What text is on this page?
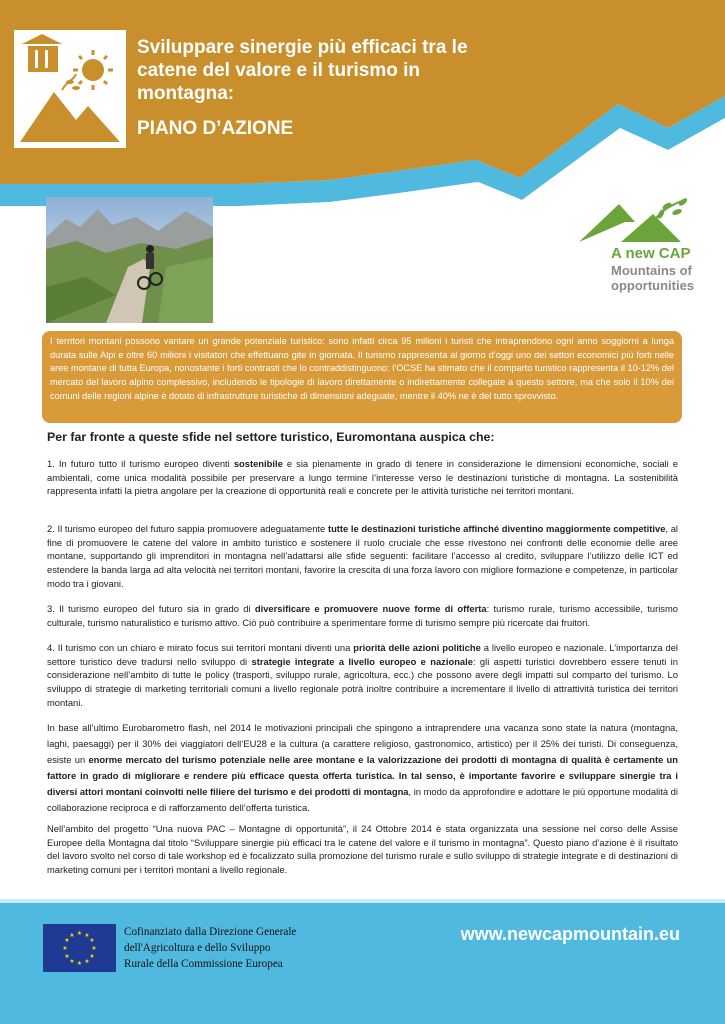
Sviluppare sinergie più efficaci tra le
catene del valore e il turismo in
montagna:
PIANO D’AZIONE
A new CAP
Mountains of
opportunities
I territori montani possono vantare un grande potenziale turistico: sono infatti circa 95 milioni i turisti che intraprendono ogni anno soggiorni a lunga durata sulle Alpi e oltre 60 milioni i visitatori che effettuano gite in giornata. Il turismo rappresenta al giorno d’oggi uno dei settori economici più forti nelle aree montane di tutta Europa, nonostante i forti contrasti che lo contraddistinguono: l’OCSE ha stimato che il comparto turistico rappresenta il 10-12% del mercato del lavoro alpino complessivo, includendo le tipologie di lavoro direttamente o indirettamente collegate a questo settore, ma che solo il 10% dei comuni delle regioni alpine è dotato di infrastrutture turistiche di dimensioni adeguate, mentre il 40% ne è del tutto sprovvisto.
Per far fronte a queste sfide nel settore turistico, Euromontana auspica che:
1. In futuro tutto il turismo europeo diventi sostenibile e sia pienamente in grado di tenere in considerazione le dimensioni economiche, sociali e ambientali, come unica modalità possibile per preservare a lungo termine l’interesse verso le destinazioni turistiche di montagna. La sostenibilità rappresenta infatti la pietra angolare per la creazione di opportunità reali e concrete per le attività turistiche nei territori montani.
2. Il turismo europeo del futuro sappia promuovere adeguatamente tutte le destinazioni turistiche affinché diventino maggiormente competitive, al fine di promuovere le catene del valore in ambito turistico e sostenere il ruolo cruciale che esse rivestono nei confronti delle economie delle aree montane, supportando gli imprenditori in montagna nell’adattarsi alle sfide seguenti: facilitare l’accesso al credito, sviluppare l’utilizzo delle ICT ed estendere la banda larga ad alta velocità nei territori montani, favorire la crescita di una forza lavoro con migliore formazione e competenze, in particolar modo tra i giovani.
3. Il turismo europeo del futuro sia in grado di diversificare e promuovere nuove forme di offerta: turismo rurale, turismo accessibile, turismo culturale, turismo naturalistico e turismo attivo. Ciò può contribuire a sperimentare forme di turismo sempre più ricercate dai fruitori.
4. Il turismo con un chiaro e mirato focus sui territori montani diventi una priorità delle azioni politiche a livello europeo e nazionale. L’importanza del settore turistico deve tradursi nello sviluppo di strategie integrate a livello europeo e nazionale: gli aspetti turistici dovrebbero essere tenuti in considerazione nell’ambito di tutte le policy (trasporti, sviluppo rurale, agricoltura, ecc.) che possono avere degli impatti sul comparto del turismo. Lo sviluppo di strategie di marketing territoriali comuni a livello regionale potrà inoltre contribuire a incrementare il livello di attrattività turistica dei territori montani.
In base all’ultimo Eurobarometro flash, nel 2014 le motivazioni principali che spingono a intraprendere una vacanza sono state la natura (montagna, laghi, paesaggi) per il 30% dei viaggiatori dell’EU28 e la cultura (a carattere religioso, gastronomico, artistico) per il 25% dei turisti. Di conseguenza, esiste un enorme mercato del turismo potenziale nelle aree montane e la valorizzazione dei prodotti di montagna di qualità è certamente un fattore in grado di migliorare e rendere più efficace questa offerta turistica. In tal senso, è importante favorire e sviluppare sinergie tra i diversi attori montani coinvolti nelle filiere del turismo e dei prodotti di montagna, in modo da approfondire e adottare le più opportune modalità di collaborazione reciproca e di rafforzamento dell’offerta turistica.
Nell’ambito del progetto “Una nuova PAC – Montagne di opportunità”, il 24 Ottobre 2014 è stata organizzata una sessione nel corso delle Assise Europee della Montagna dal titolo “Sviluppare sinergie più efficaci tra le catene del valore e il turismo in montagna”. Questo piano d’azione è il risultato del lavoro svolto nel corso di tale workshop ed è focalizzato sulla promozione del turismo rurale e sullo sviluppo di strategie integrate e di destinazioni di marketing comuni per i territori montani a livello regionale.
★ ★
★
★
★
★
★
★
★
★
★
★	Cofinanziato dalla Direzione Generale
dell'Agricoltura e dello Sviluppo
Rurale della Commissione Europea
www.newcapmountain.eu
